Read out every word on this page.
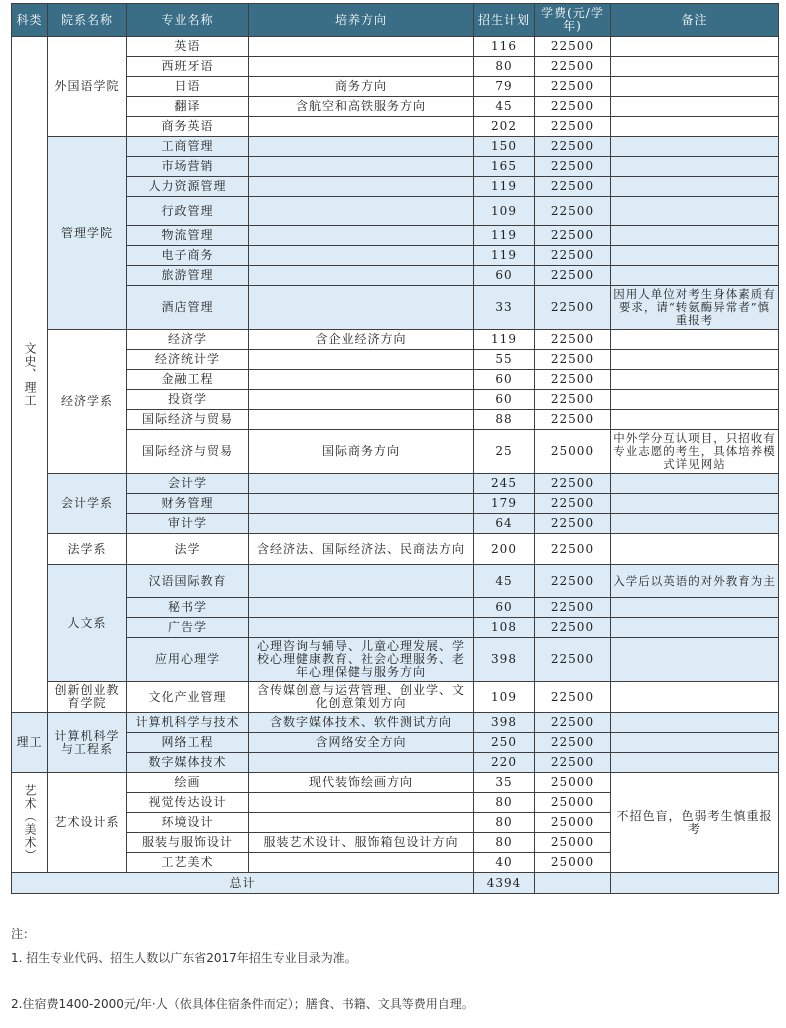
科类	院系名称	专业名称	培养方向	招生计划	学费(元/学年)	备注
文史、理工	外国语学院	英语		116	22500	
		西班牙语		80	22500	
		日语	商务方向	79	22500	
		翻译	含航空和高铁服务方向	45	22500	
		商务英语		202	22500	
	管理学院	工商管理		150	22500	
		市场营销		165	22500	
		人力资源管理		119	22500	
		行政管理		109	22500	
		物流管理		119	22500	
		电子商务		119	22500	
		旅游管理		60	22500	
		酒店管理		33	22500	因用人单位对考生身体素质有要求，请“转氨酶异常者”慎重报考
	经济学系	经济学	含企业经济方向	119	22500	
		经济统计学		55	22500	
		金融工程		60	22500	
		投资学		60	22500	
		国际经济与贸易		88	22500	
		国际经济与贸易	国际商务方向	25	25000	中外学分互认项目，只招收有专业志愿的考生，具体培养模式详见网站
	会计学系	会计学		245	22500	
		财务管理		179	22500	
		审计学		64	22500	
	法学系	法学	含经济法、国际经济法、民商法方向	200	22500	
	人文系	汉语国际教育		45	22500	入学后以英语的对外教育为主
		秘书学		60	22500	
		广告学		108	22500	
		应用心理学	心理咨询与辅导、儿童心理发展、学校心理健康教育、社会心理服务、老年心理保健与服务方向	398	22500	
	创新创业教育学院	文化产业管理	含传媒创意与运营管理、创业学、文化创意策划方向	109	22500	
理工	计算机科学与工程系	计算机科学与技术	含数字媒体技术、软件测试方向	398	22500	
		网络工程	含网络安全方向	250	22500	
		数字媒体技术		220	22500	
艺术（美术）	艺术设计系	绘画	现代装饰绘画方向	35	25000	不招色盲，色弱考生慎重报考
		视觉传达设计		80	25000	
		环境设计		80	25000	
		服装与服饰设计	服装艺术设计、服饰箱包设计方向	80	25000	
		工艺美术		40	25000	
总计				4394		
注：
1. 招生专业代码、招生人数以广东省2017年招生专业目录为准。
2.住宿费1400-2000元/年·人（依具体住宿条件而定）；膳食、书籍、文具等费用自理。
